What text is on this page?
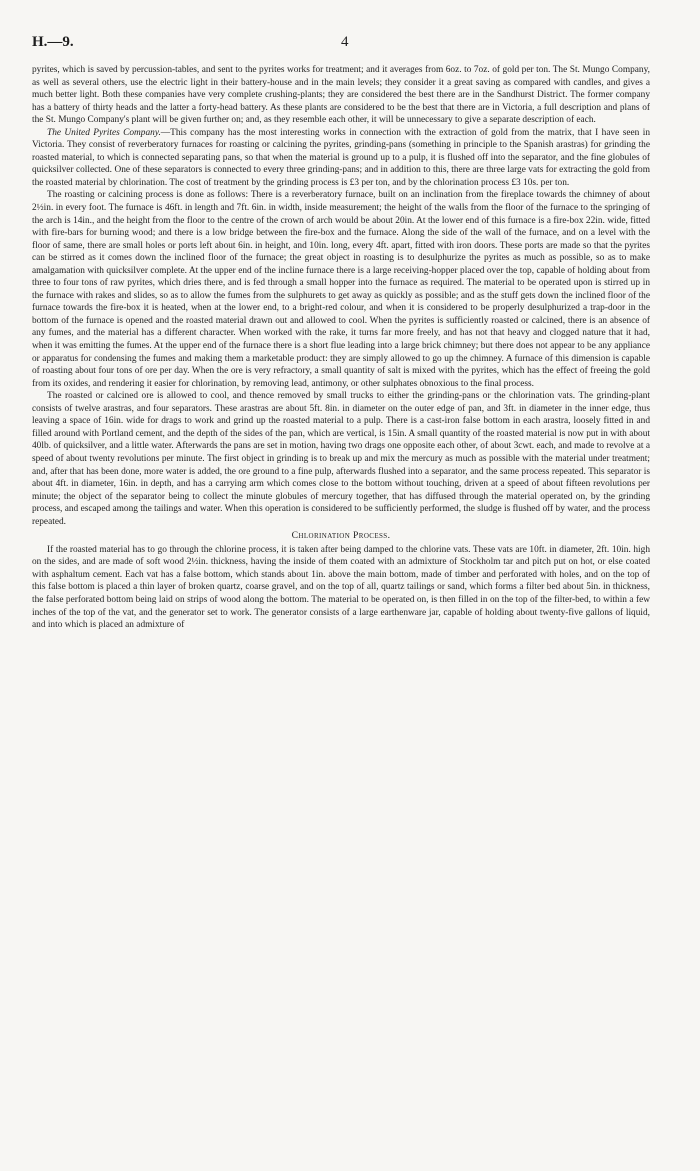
H.—9.	4

pyrites, which is saved by percussion-tables, and sent to the pyrites works for treatment; and it averages from 6oz. to 7oz. of gold per ton. The St. Mungo Company, as well as several others, use the electric light in their battery-house and in the main levels; they consider it a great saving as compared with candles, and gives a much better light. Both these companies have very complete crushing-plants; they are considered the best there are in the Sandhurst District. The former company has a battery of thirty heads and the latter a forty-head battery. As these plants are considered to be the best that there are in Victoria, a full description and plans of the St. Mungo Company's plant will be given further on; and, as they resemble each other, it will be unnecessary to give a separate description of each.

The United Pyrites Company.—This company has the most interesting works in connection with the extraction of gold from the matrix, that I have seen in Victoria. They consist of reverberatory furnaces for roasting or calcining the pyrites, grinding-pans (something in principle to the Spanish arastras) for grinding the roasted material, to which is connected separating pans, so that when the material is ground up to a pulp, it is flushed off into the separator, and the fine globules of quicksilver collected. One of these separators is connected to every three grinding-pans; and in addition to this, there are three large vats for extracting the gold from the roasted material by chlorination. The cost of treatment by the grinding process is £3 per ton, and by the chlorination process £3 10s. per ton.

The roasting or calcining process is done as follows: There is a reverberatory furnace, built on an inclination from the fireplace towards the chimney of about 2½in. in every foot. The furnace is 46ft. in length and 7ft. 6in. in width, inside measurement; the height of the walls from the floor of the furnace to the springing of the arch is 14in., and the height from the floor to the centre of the crown of arch would be about 20in. At the lower end of this furnace is a fire-box 22in. wide, fitted with fire-bars for burning wood; and there is a low bridge between the fire-box and the furnace. Along the side of the wall of the furnace, and on a level with the floor of same, there are small holes or ports left about 6in. in height, and 10in. long, every 4ft. apart, fitted with iron doors. These ports are made so that the pyrites can be stirred as it comes down the inclined floor of the furnace; the great object in roasting is to desulphurize the pyrites as much as possible, so as to make amalgamation with quicksilver complete. At the upper end of the incline furnace there is a large receiving-hopper placed over the top, capable of holding about from three to four tons of raw pyrites, which dries there, and is fed through a small hopper into the furnace as required. The material to be operated upon is stirred up in the furnace with rakes and slides, so as to allow the fumes from the sulphurets to get away as quickly as possible; and as the stuff gets down the inclined floor of the furnace towards the fire-box it is heated, when at the lower end, to a bright-red colour, and when it is considered to be properly desulphurized a trap-door in the bottom of the furnace is opened and the roasted material drawn out and allowed to cool. When the pyrites is sufficiently roasted or calcined, there is an absence of any fumes, and the material has a different character. When worked with the rake, it turns far more freely, and has not that heavy and clogged nature that it had, when it was emitting the fumes. At the upper end of the furnace there is a short flue leading into a large brick chimney; but there does not appear to be any appliance or apparatus for condensing the fumes and making them a marketable product: they are simply allowed to go up the chimney. A furnace of this dimension is capable of roasting about four tons of ore per day. When the ore is very refractory, a small quantity of salt is mixed with the pyrites, which has the effect of freeing the gold from its oxides, and rendering it easier for chlorination, by removing lead, antimony, or other sulphates obnoxious to the final process.

The roasted or calcined ore is allowed to cool, and thence removed by small trucks to either the grinding-pans or the chlorination vats. The grinding-plant consists of twelve arastras, and four separators. These arastras are about 5ft. 8in. in diameter on the outer edge of pan, and 3ft. in diameter in the inner edge, thus leaving a space of 16in. wide for drags to work and grind up the roasted material to a pulp. There is a cast-iron false bottom in each arastra, loosely fitted in and filled around with Portland cement, and the depth of the sides of the pan, which are vertical, is 15in. A small quantity of the roasted material is now put in with about 40lb. of quicksilver, and a little water. Afterwards the pans are set in motion, having two drags one opposite each other, of about 3cwt. each, and made to revolve at a speed of about twenty revolutions per minute. The first object in grinding is to break up and mix the mercury as much as possible with the material under treatment; and, after that has been done, more water is added, the ore ground to a fine pulp, afterwards flushed into a separator, and the same process repeated. This separator is about 4ft. in diameter, 16in. in depth, and has a carrying arm which comes close to the bottom without touching, driven at a speed of about fifteen revolutions per minute; the object of the separator being to collect the minute globules of mercury together, that has diffused through the material operated on, by the grinding process, and escaped among the tailings and water. When this operation is considered to be sufficiently performed, the sludge is flushed off by water, and the process repeated.

Chlorination Process.

If the roasted material has to go through the chlorine process, it is taken after being damped to the chlorine vats. These vats are 10ft. in diameter, 2ft. 10in. high on the sides, and are made of soft wood 2½in. thickness, having the inside of them coated with an admixture of Stockholm tar and pitch put on hot, or else coated with asphaltum cement. Each vat has a false bottom, which stands about 1in. above the main bottom, made of timber and perforated with holes, and on the top of this false bottom is placed a thin layer of broken quartz, coarse gravel, and on the top of all, quartz tailings or sand, which forms a filter bed about 5in. in thickness, the false perforated bottom being laid on strips of wood along the bottom. The material to be operated on, is then filled in on the top of the filter-bed, to within a few inches of the top of the vat, and the generator set to work. The generator consists of a large earthenware jar, capable of holding about twenty-five gallons of liquid, and into which is placed an admixture of
